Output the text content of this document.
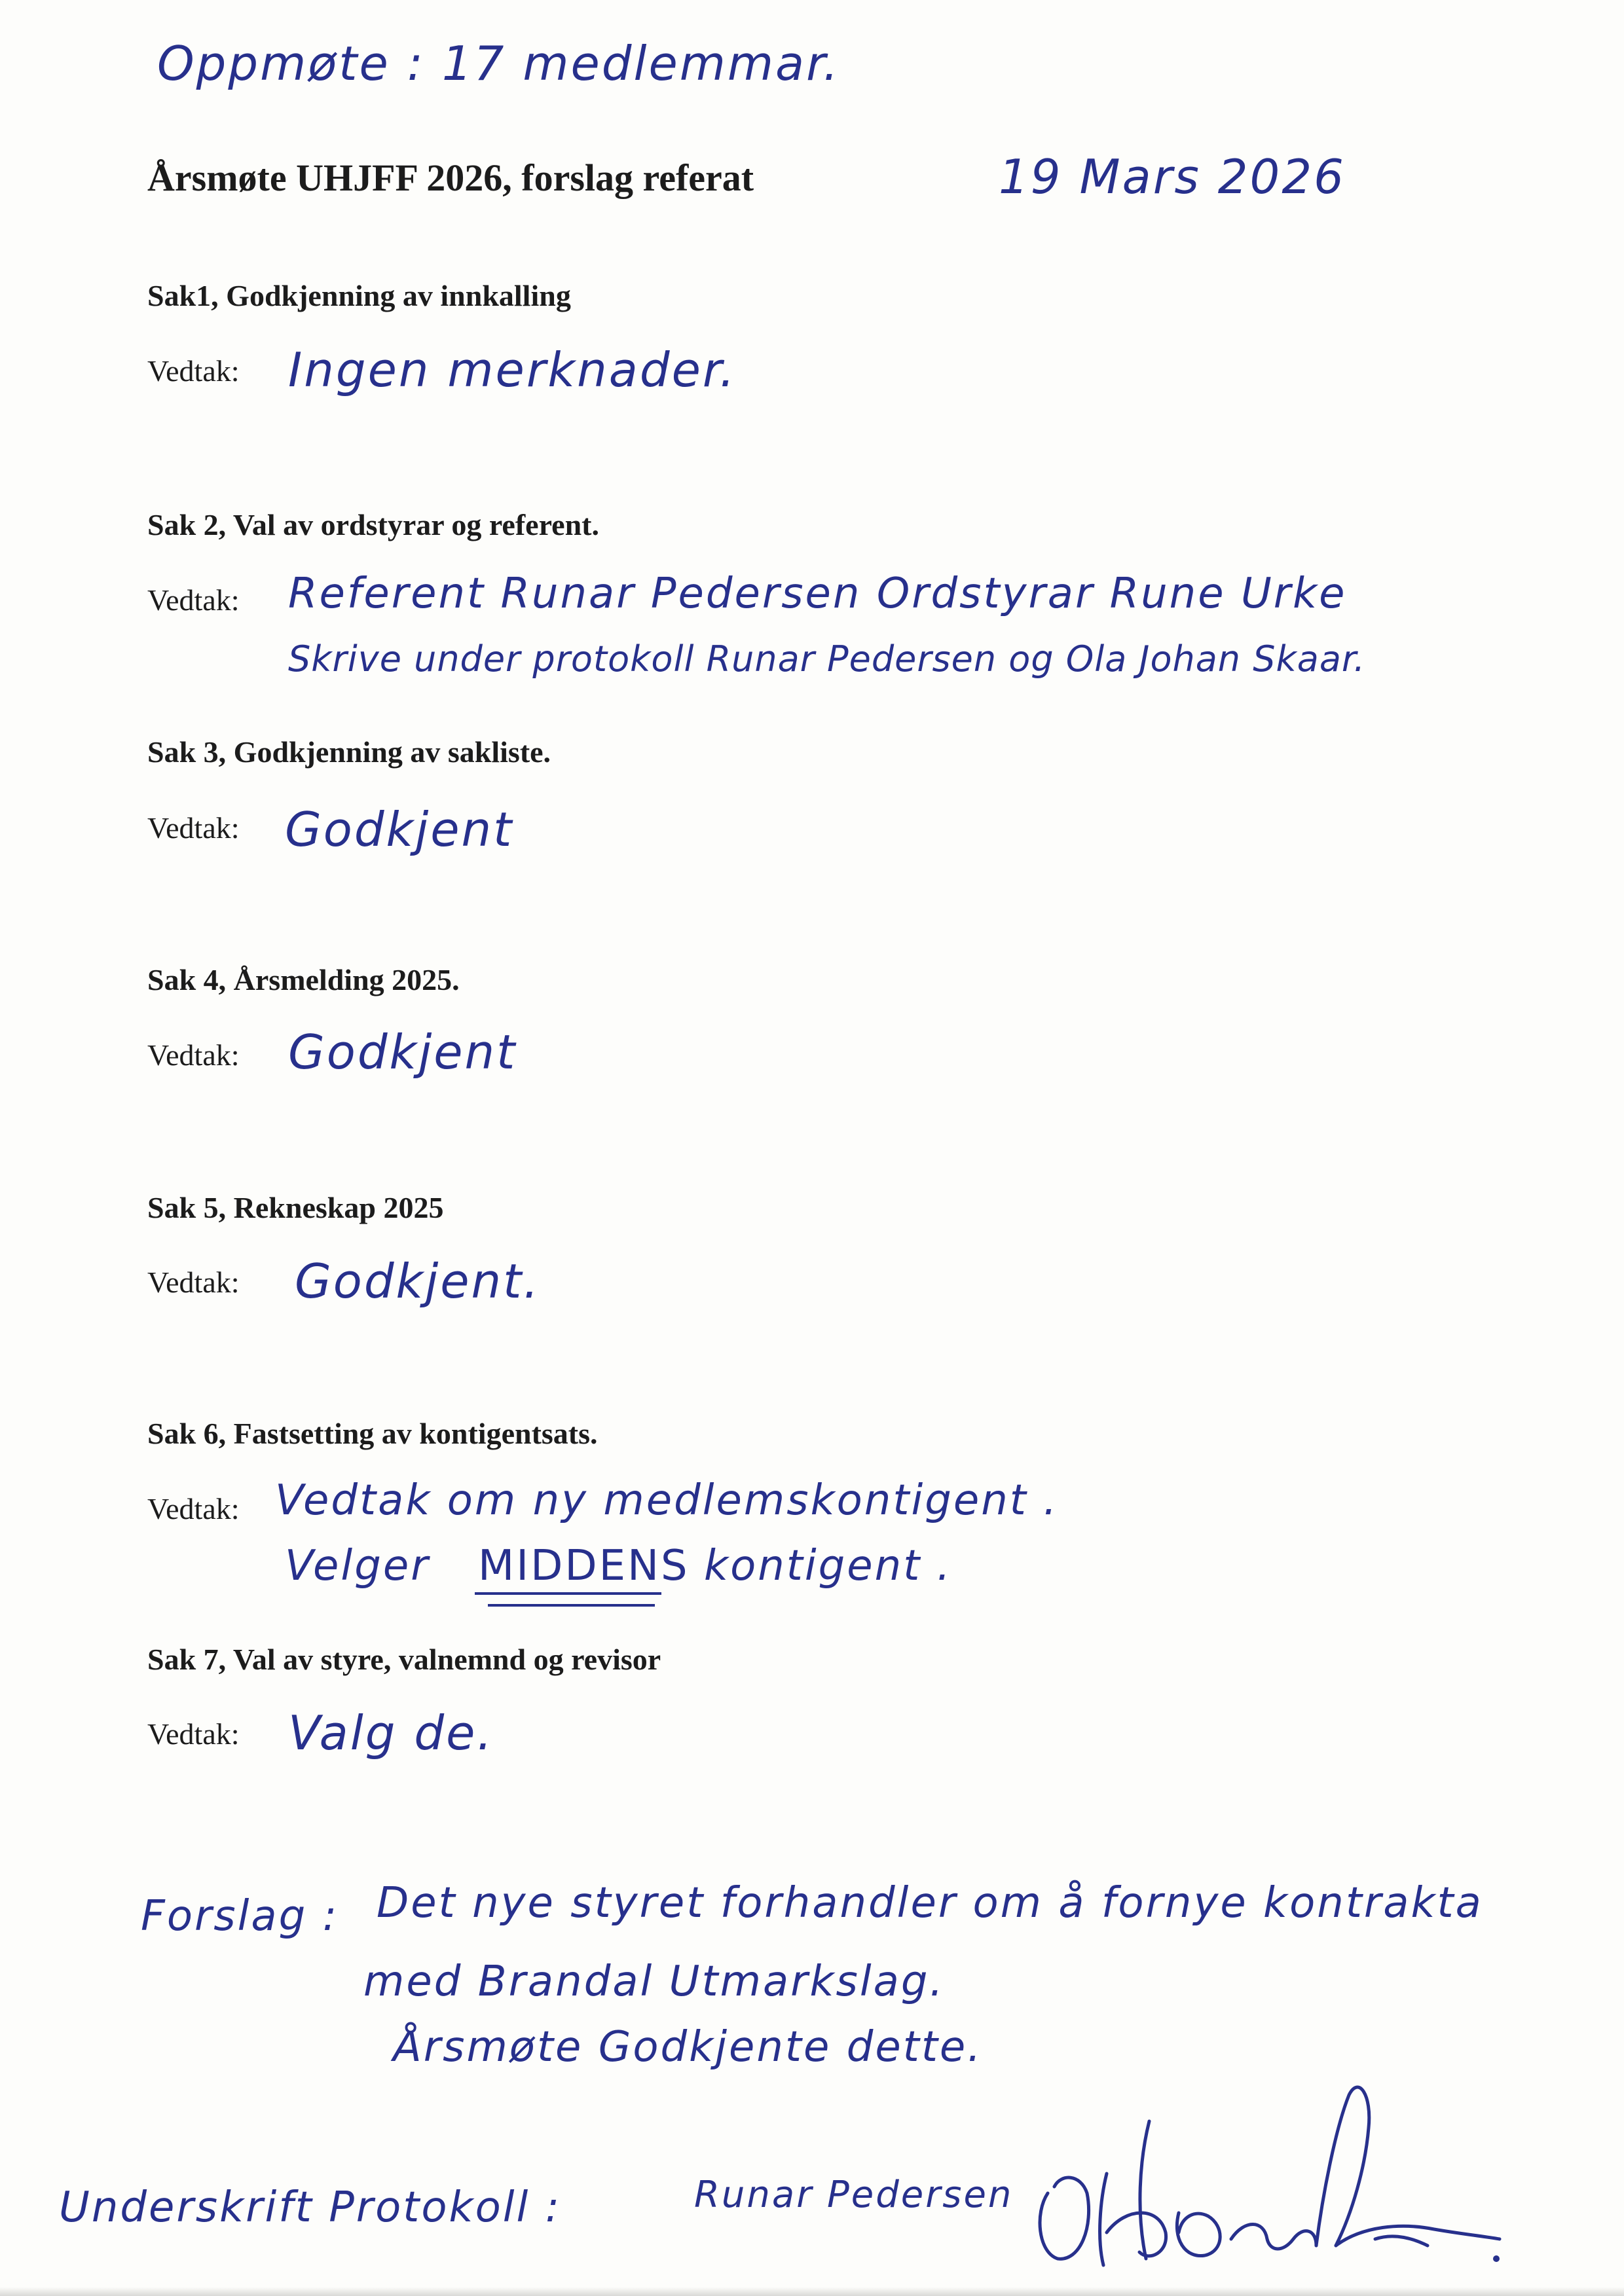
Oppmøte : 17 medlemmar.
Årsmøte UHJFF 2026, forslag referat	19 Mars 2026
Sak1, Godkjenning av innkalling
Vedtak: Ingen merknader.
Sak 2, Val av ordstyrar og referent.
Vedtak: Referent Runar Pedersen Ordstyrar Rune Urke
Skrive under protokoll Runar Pedersen og Ola Johan Skaar.
Sak 3, Godkjenning av sakliste.
Vedtak: Godkjent
Sak 4, Årsmelding 2025.
Vedtak: Godkjent
Sak 5, Rekneskap 2025
Vedtak: Godkjent.
Sak 6, Fastsetting av kontigentsats.
Vedtak: Vedtak om ny medlemskontigent .
Velger MIDDENS kontigent .
Sak 7, Val av styre, valnemnd og revisor
Vedtak: Valg de.
Forslag : Det nye styret forhandler om å fornye kontrakta
med Brandal Utmarkslag.
Årsmøte Godkjente dette.
Underskrift Protokoll :	Runar Pedersen
